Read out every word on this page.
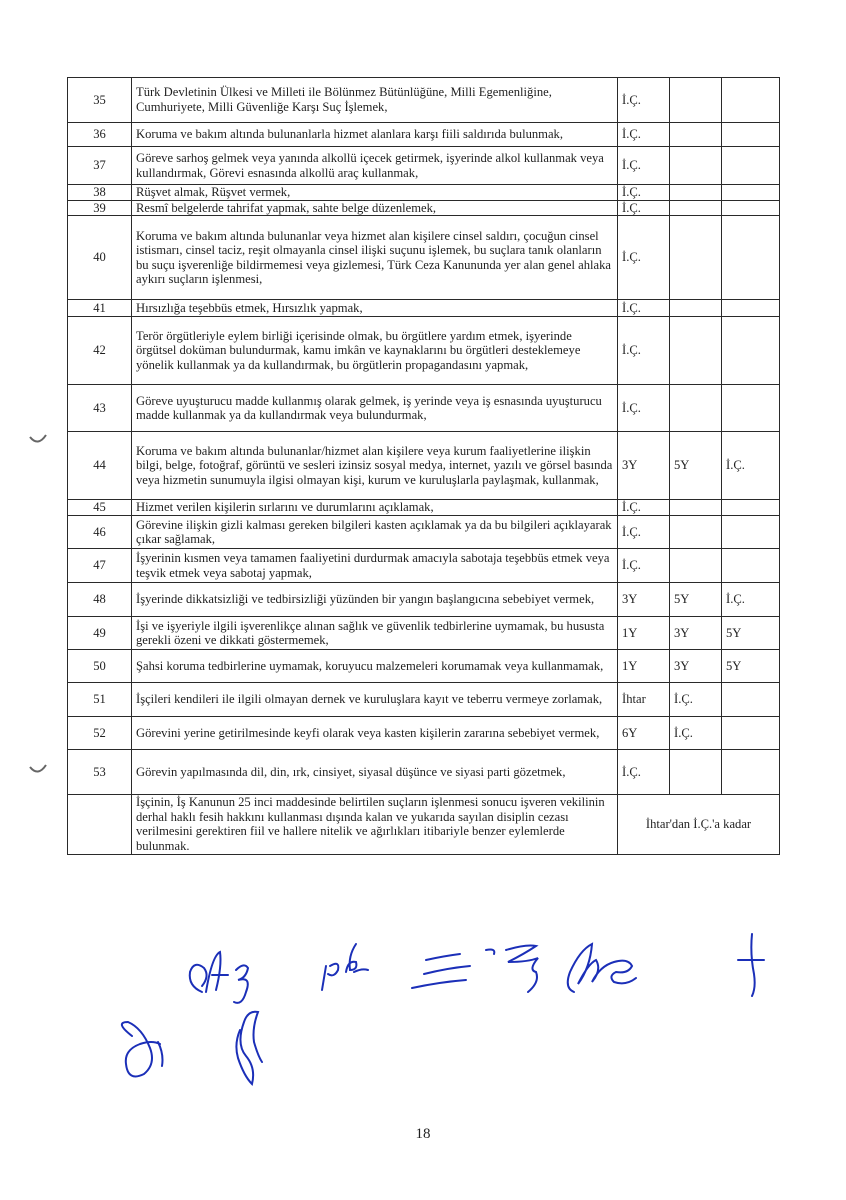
35	Türk Devletinin Ülkesi ve Milleti ile Bölünmez Bütünlüğüne, Milli Egemenliğine, Cumhuriyete, Milli Güvenliğe Karşı Suç İşlemek,	İ.Ç.		
36	Koruma ve bakım altında bulunanlarla hizmet alanlara karşı fiili saldırıda bulunmak,	İ.Ç.		
37	Göreve sarhoş gelmek veya yanında alkollü içecek getirmek, işyerinde alkol kullanmak veya kullandırmak, Görevi esnasında alkollü araç kullanmak,	İ.Ç.		
38	Rüşvet almak, Rüşvet vermek,	İ.Ç.		
39	Resmî belgelerde tahrifat yapmak, sahte belge düzenlemek,	İ.Ç.		
40	Koruma ve bakım altında bulunanlar veya hizmet alan kişilere cinsel saldırı, çocuğun cinsel istismarı, cinsel taciz, reşit olmayanla cinsel ilişki suçunu işlemek, bu suçlara tanık olanların bu suçu işverenliğe bildirmemesi veya gizlemesi, Türk Ceza Kanununda yer alan genel ahlaka aykırı suçların işlenmesi,	İ.Ç.		
41	Hırsızlığa teşebbüs etmek, Hırsızlık yapmak,	İ.Ç.		
42	Terör örgütleriyle eylem birliği içerisinde olmak, bu örgütlere yardım etmek, işyerinde örgütsel doküman bulundurmak, kamu imkân ve kaynaklarını bu örgütleri desteklemeye yönelik kullanmak ya da kullandırmak, bu örgütlerin propagandasını yapmak,	İ.Ç.		
43	Göreve uyuşturucu madde kullanmış olarak gelmek, iş yerinde veya iş esnasında uyuşturucu madde kullanmak ya da kullandırmak veya bulundurmak,	İ.Ç.		
44	Koruma ve bakım altında bulunanlar/hizmet alan kişilere veya kurum faaliyetlerine ilişkin bilgi, belge, fotoğraf, görüntü ve sesleri izinsiz sosyal medya, internet, yazılı ve görsel basında veya hizmetin sunumuyla ilgisi olmayan kişi, kurum ve kuruluşlarla paylaşmak, kullanmak,	3Y	5Y	İ.Ç.
45	Hizmet verilen kişilerin sırlarını ve durumlarını açıklamak,	İ.Ç.		
46	Görevine ilişkin gizli kalması gereken bilgileri kasten açıklamak ya da bu bilgileri açıklayarak çıkar sağlamak,	İ.Ç.		
47	İşyerinin kısmen veya tamamen faaliyetini durdurmak amacıyla sabotaja teşebbüs etmek veya teşvik etmek veya sabotaj yapmak,	İ.Ç.		
48	İşyerinde dikkatsizliği ve tedbirsizliği yüzünden bir yangın başlangıcına sebebiyet vermek,	3Y	5Y	İ.Ç.
49	İşi ve işyeriyle ilgili işverenlikçe alınan sağlık ve güvenlik tedbirlerine uymamak, bu hususta gerekli özeni ve dikkati göstermemek,	1Y	3Y	5Y
50	Şahsi koruma tedbirlerine uymamak, koruyucu malzemeleri korumamak veya kullanmamak,	1Y	3Y	5Y
51	İşçileri kendileri ile ilgili olmayan dernek ve kuruluşlara kayıt ve teberru vermeye zorlamak,	İhtar	İ.Ç.	
52	Görevini yerine getirilmesinde keyfi olarak veya kasten kişilerin zararına sebebiyet vermek,	6Y	İ.Ç.	
53	Görevin yapılmasında dil, din, ırk, cinsiyet, siyasal düşünce ve siyasi parti gözetmek,	İ.Ç.		
	İşçinin, İş Kanunun 25 inci maddesinde belirtilen suçların işlenmesi sonucu işveren vekilinin derhal haklı fesih hakkını kullanması dışında kalan ve yukarıda sayılan disiplin cezası verilmesini gerektiren fiil ve hallere nitelik ve ağırlıkları itibariyle benzer eylemlerde bulunmak.	İhtar'dan İ.Ç.'a kadar		
18
